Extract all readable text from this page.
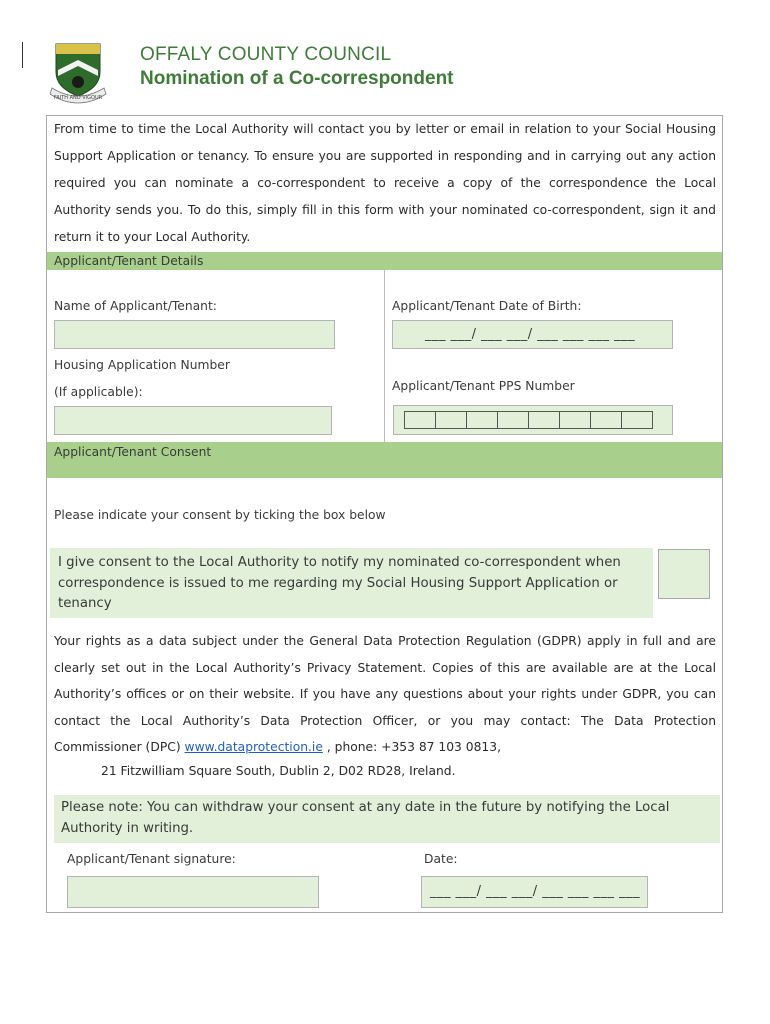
FAITH AND VIGOUR
OFFALY COUNTY COUNCIL
Nomination of a Co-correspondent
From time to time the Local Authority will contact you by letter or email in relation to your Social Housing Support Application or tenancy. To ensure you are supported in responding and in carrying out any action required you can nominate a co-correspondent to receive a copy of the correspondence the Local Authority sends you. To do this, simply fill in this form with your nominated co-correspondent, sign it and return it to your Local Authority.
Applicant/Tenant Details
Name of Applicant/Tenant:	Applicant/Tenant Date of Birth:
___ ___/ ___ ___/ ___ ___ ___ ___
Housing Application Number
(If applicable):	Applicant/Tenant PPS Number
Applicant/Tenant Consent
Please indicate your consent by ticking the box below
I give consent to the Local Authority to notify my nominated co-correspondent when correspondence is issued to me regarding my Social Housing Support Application or tenancy
Your rights as a data subject under the General Data Protection Regulation (GDPR) apply in full and are clearly set out in the Local Authority’s Privacy Statement. Copies of this are available are at the Local Authority’s offices or on their website. If you have any questions about your rights under GDPR, you can contact the Local Authority’s Data Protection Officer, or you may contact: The Data Protection Commissioner (DPC) www.dataprotection.ie , phone: +353 87 103 0813,
21 Fitzwilliam Square South, Dublin 2, D02 RD28, Ireland.
Please note: You can withdraw your consent at any date in the future by notifying the Local Authority in writing.
Applicant/Tenant signature:	Date:
___ ___/ ___ ___/ ___ ___ ___ ___
